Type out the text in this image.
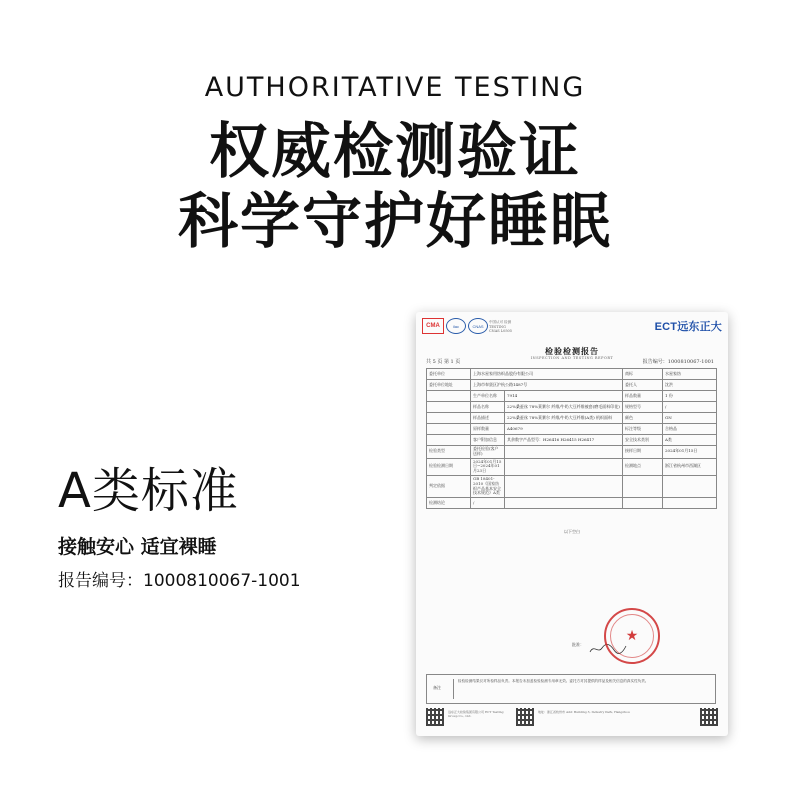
AUTHORITATIVE TESTING
权威检测验证
科学守护好睡眠
A类标准
接触安心 适宜裸睡
报告编号：1000810067-1001
CMA	ilac	CNAS
中国认可 检测 TESTING CNAS L0505	ECT远东正大
检验检测报告
INSPECTION AND TESTING REPORT
共 5 页 第 1 页	报告编号：1000810067-1001
委托单位	上海水星家用纺织品股份有限公司		商标	水星家纺
委托单位地址	上海市奉贤区沪杭公路1487号		委托人	沈洪
	生产单位名称	7914	样品数量	1 份
	样品名称	22%桑蚕丝 78%莱赛尔 纤维/牛奶大豆纤维被套(磨毛面料印花)	规格型号	/
	样品描述	22%桑蚕丝 78%莱赛尔 纤维/牛奶大豆纤维(A类) 机织面料	颜色	GN
	原样数量	A40679	标注等级	合格品
	客户附加信息	其余数字产品型号：H26416 H26415 H26417	安全技术类别	A类
检验类型	委托检验(客户送样)		接样日期	2024年01月15日
检验检测日期	2024年01月15日~2024年01月23日		检测地点	浙江省杭州市西湖区
判定依据	GB 18401-2010《国家纺织产品基本安全技术规范》A类			
检测结论	/			
以下空白
批准：
★
备注
检验检测结果仅对所检样品负责。本报告未加盖检验检测专用章无效。委托方对其提供的样品及相关信息的真实性负责。
远东正大检验集团有限公司 ECT Testing Group Co., Ltd.
地址：浙江省杭州市 Add: Building 3, Industry Park, Hangzhou
